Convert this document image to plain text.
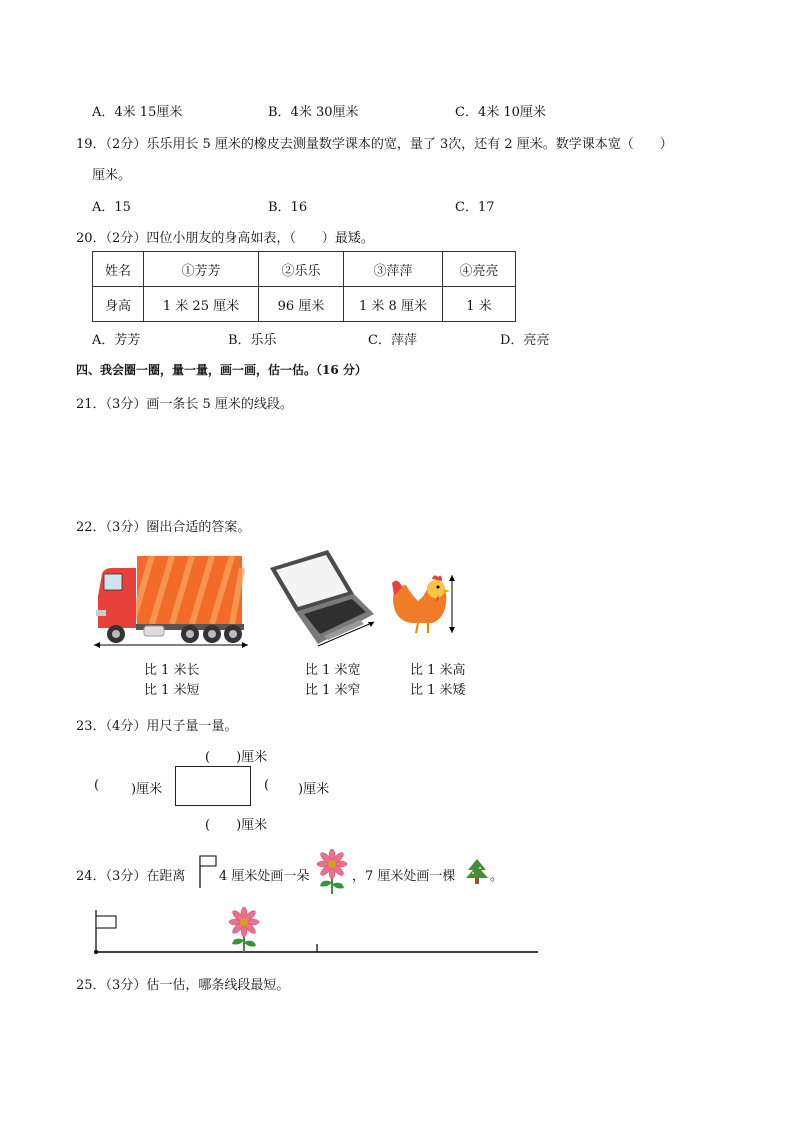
A．4米 15厘米	B．4米 30厘米	C．4米 10厘米
19．（2分）乐乐用长 5 厘米的橡皮去测量数学课本的宽，量了 3次，还有 2 厘米。数学课本宽（　　）
厘米。
A．15	B．16	C．17
20．（2分）四位小朋友的身高如表，（　　）最矮。
姓名	①芳芳	②乐乐	③萍萍	④亮亮
身高	1 米 25 厘米	96 厘米	1 米 8 厘米	1 米
A．芳芳	B．乐乐	C．萍萍	D．亮亮
四、我会圈一圈，量一量，画一画，估一估。（16 分）
21．（3分）画一条长 5 厘米的线段。
22．（3分）圈出合适的答案。
比 1 米长
比 1 米短
比 1 米宽
比 1 米窄
比 1 米高
比 1 米矮
23．（4分）用尺子量一量。
(　　)厘米
( )厘米	( )厘米
(　　)厘米
24．（3分）在距离	4 厘米处画一朵	，7 厘米处画一棵	。
25．（3分）估一估，哪条线段最短。
